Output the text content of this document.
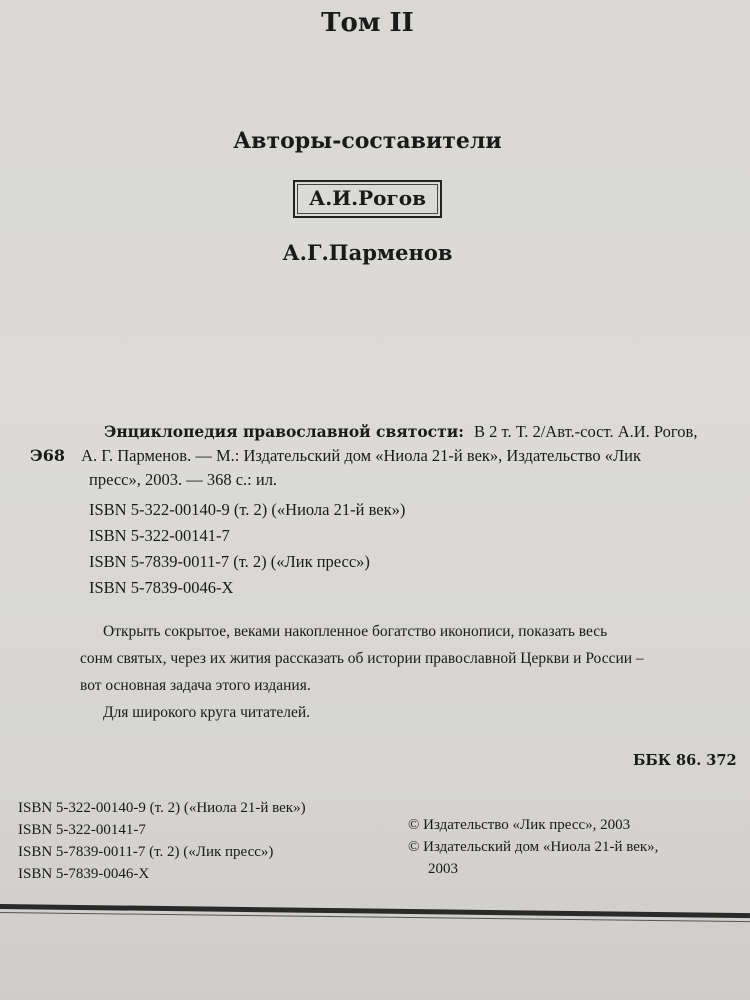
Том II
Авторы-составители
А.И.Рогов
А.Г.Парменов
Энциклопедия православной святости: В 2 т. Т. 2/Авт.-сост. А.И. Рогов,
Э68 А. Г. Парменов. — М.: Издательский дом «Ниола 21-й век», Издательство «Лик
пресс», 2003. — 368 с.: ил.
ISBN 5-322-00140-9 (т. 2) («Ниола 21-й век»)
ISBN 5-322-00141-7
ISBN 5-7839-0011-7 (т. 2) («Лик пресс»)
ISBN 5-7839-0046-X
Открыть сокрытое, веками накопленное богатство иконописи, показать весь
сонм святых, через их жития рассказать об истории православной Церкви и России –
вот основная задача этого издания.
Для широкого круга читателей.
ББК 86. 372
ISBN 5-322-00140-9 (т. 2) («Ниола 21-й век»)
ISBN 5-322-00141-7
ISBN 5-7839-0011-7 (т. 2) («Лик пресс»)
ISBN 5-7839-0046-X
© Издательство «Лик пресс», 2003
© Издательский дом «Ниола 21-й век»,
2003
